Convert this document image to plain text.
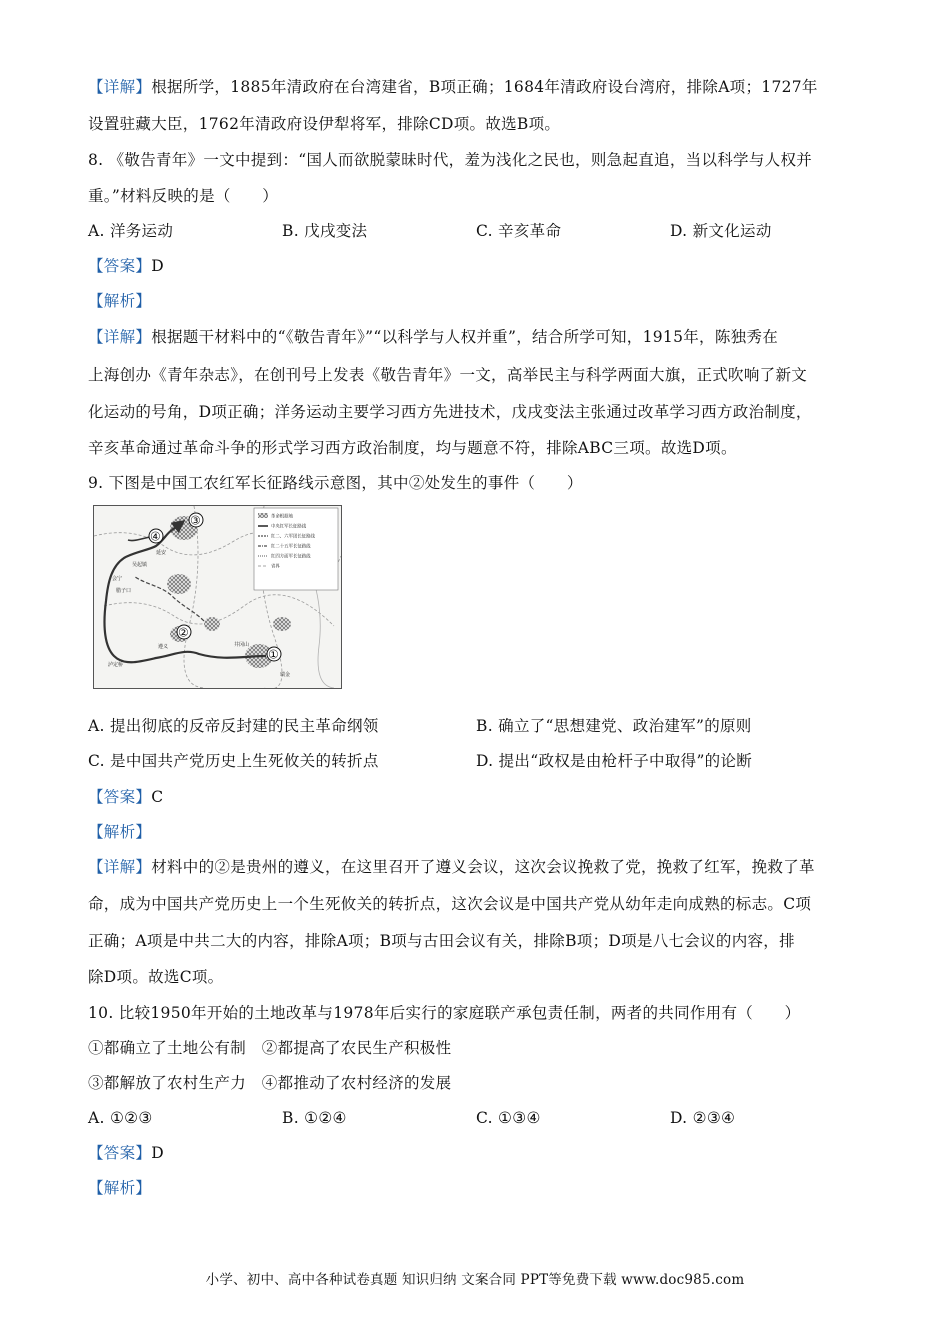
【详解】根据所学，1885年清政府在台湾建省，B项正确；1684年清政府设台湾府，排除A项；1727年
设置驻藏大臣，1762年清政府设伊犁将军，排除CD项。故选B项。
8. 《敬告青年》一文中提到：“国人而欲脱蒙昧时代，羞为浅化之民也，则急起直追，当以科学与人权并
重。”材料反映的是（　　）
A. 洋务运动	B. 戊戌变法	C. 辛亥革命	D. 新文化运动
【答案】D
【解析】
【详解】根据题干材料中的“《敬告青年》”“以科学与人权并重”，结合所学可知，1915年，陈独秀在
上海创办《青年杂志》，在创刊号上发表《敬告青年》一文，高举民主与科学两面大旗，正式吹响了新文
化运动的号角，D项正确；洋务运动主要学习西方先进技术，戊戌变法主张通过改革学习西方政治制度，
辛亥革命通过革命斗争的形式学习西方政治制度，均与题意不符，排除ABC三项。故选D项。
9. 下图是中国工农红军长征路线示意图，其中②处发生的事件（　　）
革命根据地
中央红军长征路线
红二、六军团长征路线
红二十五军长征路线
红四方面军长征路线
省界
吴起镇
会宁
腊子口
泸定桥
遵义
瑞金
井冈山
延安
③
④
②
①
A. 提出彻底的反帝反封建的民主革命纲领	B. 确立了“思想建党、政治建军”的原则
C. 是中国共产党历史上生死攸关的转折点	D. 提出“政权是由枪杆子中取得”的论断
【答案】C
【解析】
【详解】材料中的②是贵州的遵义，在这里召开了遵义会议，这次会议挽救了党，挽救了红军，挽救了革
命，成为中国共产党历史上一个生死攸关的转折点，这次会议是中国共产党从幼年走向成熟的标志。C项
正确；A项是中共二大的内容，排除A项；B项与古田会议有关，排除B项；D项是八七会议的内容，排
除D项。故选C项。
10. 比较1950年开始的土地改革与1978年后实行的家庭联产承包责任制，两者的共同作用有（　　）
①都确立了土地公有制　②都提高了农民生产积极性
③都解放了农村生产力　④都推动了农村经济的发展
A. ①②③	B. ①②④	C. ①③④	D. ②③④
【答案】D
【解析】
小学、初中、高中各种试卷真题 知识归纳 文案合同 PPT等免费下载 www.doc985.com
